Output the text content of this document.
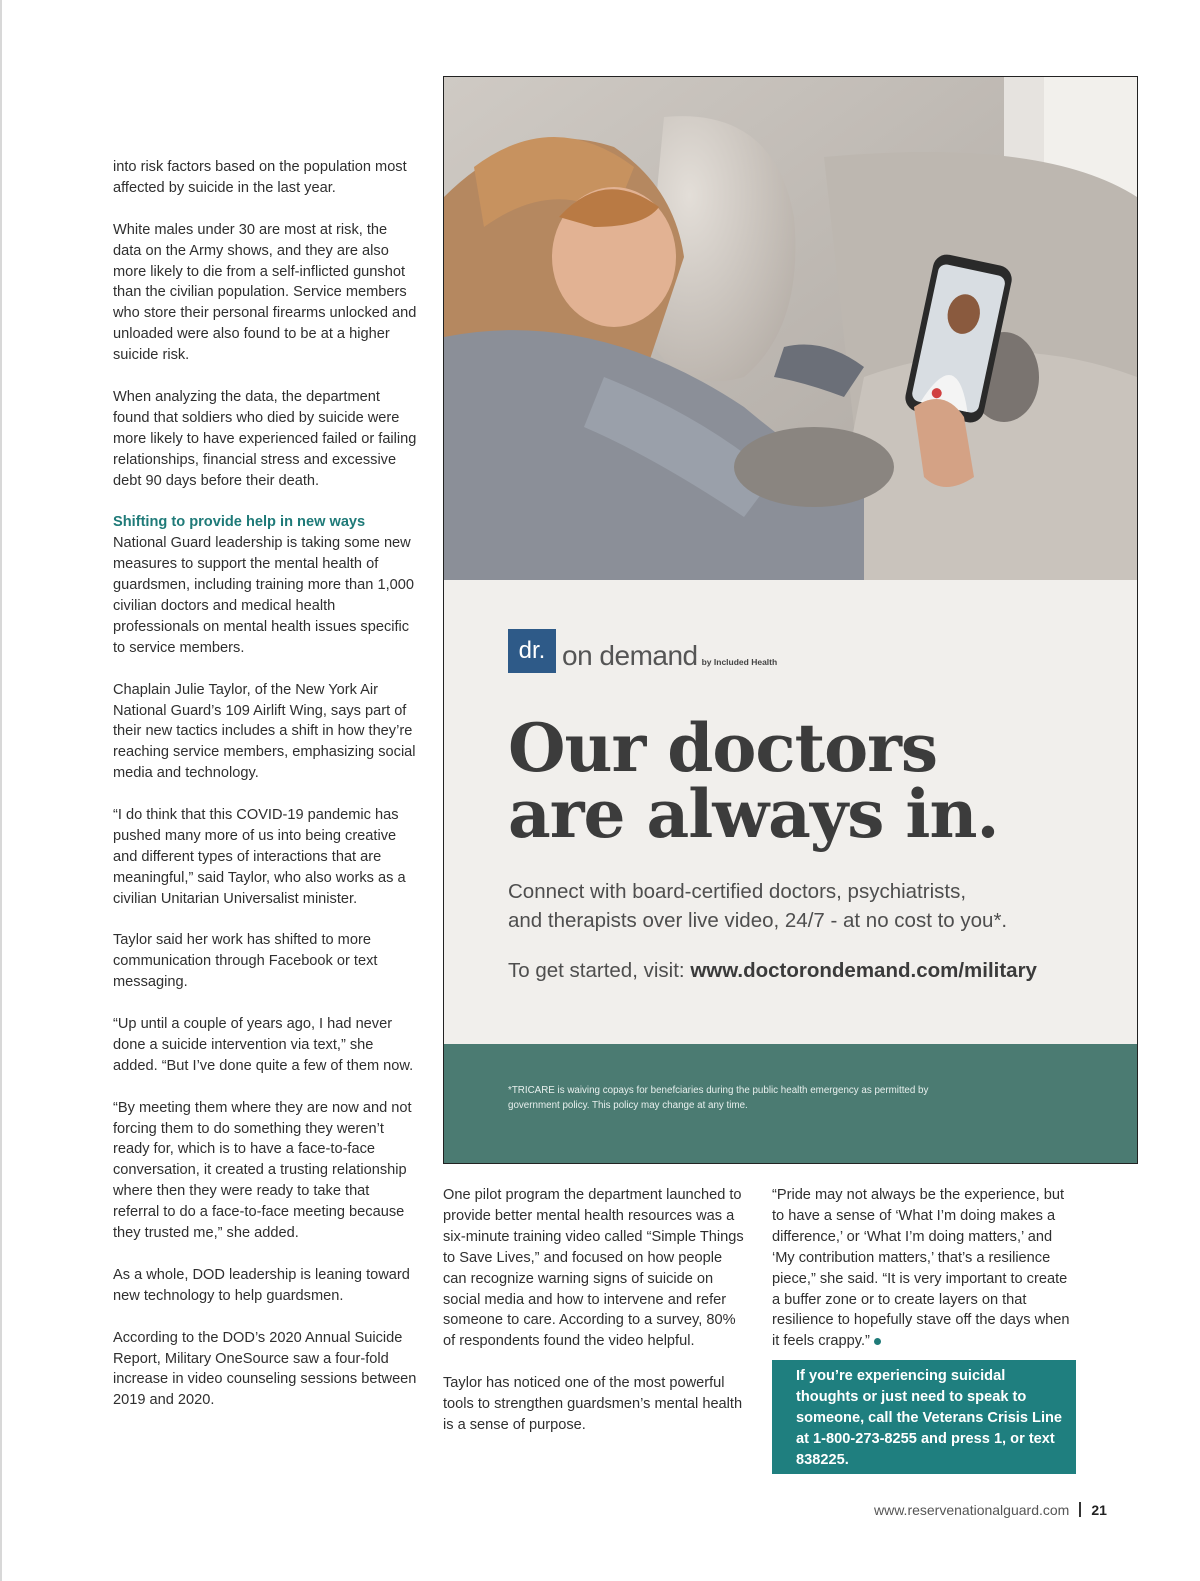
into risk factors based on the population most affected by suicide in the last year.

White males under 30 are most at risk, the data on the Army shows, and they are also more likely to die from a self-inflicted gunshot than the civilian population. Service members who store their personal firearms unlocked and unloaded were also found to be at a higher suicide risk.

When analyzing the data, the department found that soldiers who died by suicide were more likely to have experienced failed or failing relationships, financial stress and excessive debt 90 days before their death.

Shifting to provide help in new ways
National Guard leadership is taking some new measures to support the mental health of guardsmen, including training more than 1,000 civilian doctors and medical health professionals on mental health issues specific to service members.

Chaplain Julie Taylor, of the New York Air National Guard’s 109 Airlift Wing, says part of their new tactics includes a shift in how they’re reaching service members, emphasizing social media and technology.

“I do think that this COVID-19 pandemic has pushed many more of us into being creative and different types of interactions that are meaningful,” said Taylor, who also works as a civilian Unitarian Universalist minister.

Taylor said her work has shifted to more communication through Facebook or text messaging.

“Up until a couple of years ago, I had never done a suicide intervention via text,” she added. “But I’ve done quite a few of them now.

“By meeting them where they are now and not forcing them to do something they weren’t ready for, which is to have a face-to-face conversation, it created a trusting relationship where then they were ready to take that referral to do a face-to-face meeting because they trusted me,” she added.

As a whole, DOD leadership is leaning toward new technology to help guardsmen.

According to the DOD’s 2020 Annual Suicide Report, Military OneSource saw a four-fold increase in video counseling sessions between 2019 and 2020.

dr. on demand by Included Health
Our doctors
are always in.
Connect with board-certified doctors, psychiatrists,
and therapists over live video, 24/7 - at no cost to you*.
To get started, visit: www.doctorondemand.com/military
*TRICARE is waiving copays for benefciaries during the public health emergency as permitted by government policy. This policy may change at any time.

One pilot program the department launched to provide better mental health resources was a six-minute training video called “Simple Things to Save Lives,” and focused on how people can recognize warning signs of suicide on social media and how to intervene and refer someone to care. According to a survey, 80% of respondents found the video helpful.

Taylor has noticed one of the most powerful tools to strengthen guardsmen’s mental health is a sense of purpose.

“Pride may not always be the experience, but to have a sense of ‘What I’m doing makes a difference,’ or ‘What I’m doing matters,’ and ‘My contribution matters,’ that’s a resilience piece,” she said. “It is very important to create a buffer zone or to create layers on that resilience to hopefully stave off the days when it feels crappy.”

If you’re experiencing suicidal thoughts or just need to speak to someone, call the Veterans Crisis Line at 1-800-273-8255 and press 1, or text 838225.
www.reservenationalguard.com 21
